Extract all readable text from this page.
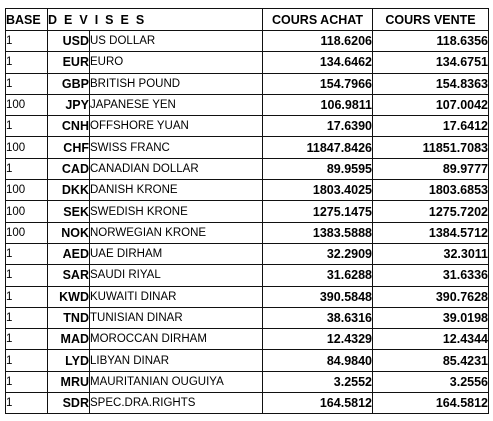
BASE	DEVISES		COURS ACHAT	COURS VENTE
1	USD	US DOLLAR	118.6206	118.6356
1	EUR	EURO	134.6462	134.6751
1	GBP	BRITISH POUND	154.7966	154.8363
100	JPY	JAPANESE YEN	106.9811	107.0042
1	CNH	OFFSHORE YUAN	17.6390	17.6412
100	CHF	SWISS FRANC	11847.8426	11851.7083
1	CAD	CANADIAN DOLLAR	89.9595	89.9777
100	DKK	DANISH KRONE	1803.4025	1803.6853
100	SEK	SWEDISH KRONE	1275.1475	1275.7202
100	NOK	NORWEGIAN KRONE	1383.5888	1384.5712
1	AED	UAE DIRHAM	32.2909	32.3011
1	SAR	SAUDI RIYAL	31.6288	31.6336
1	KWD	KUWAITI DINAR	390.5848	390.7628
1	TND	TUNISIAN DINAR	38.6316	39.0198
1	MAD	MOROCCAN DIRHAM	12.4329	12.4344
1	LYD	LIBYAN DINAR	84.9840	85.4231
1	MRU	MAURITANIAN OUGUIYA	3.2552	3.2556
1	SDR	SPEC.DRA.RIGHTS	164.5812	164.5812
